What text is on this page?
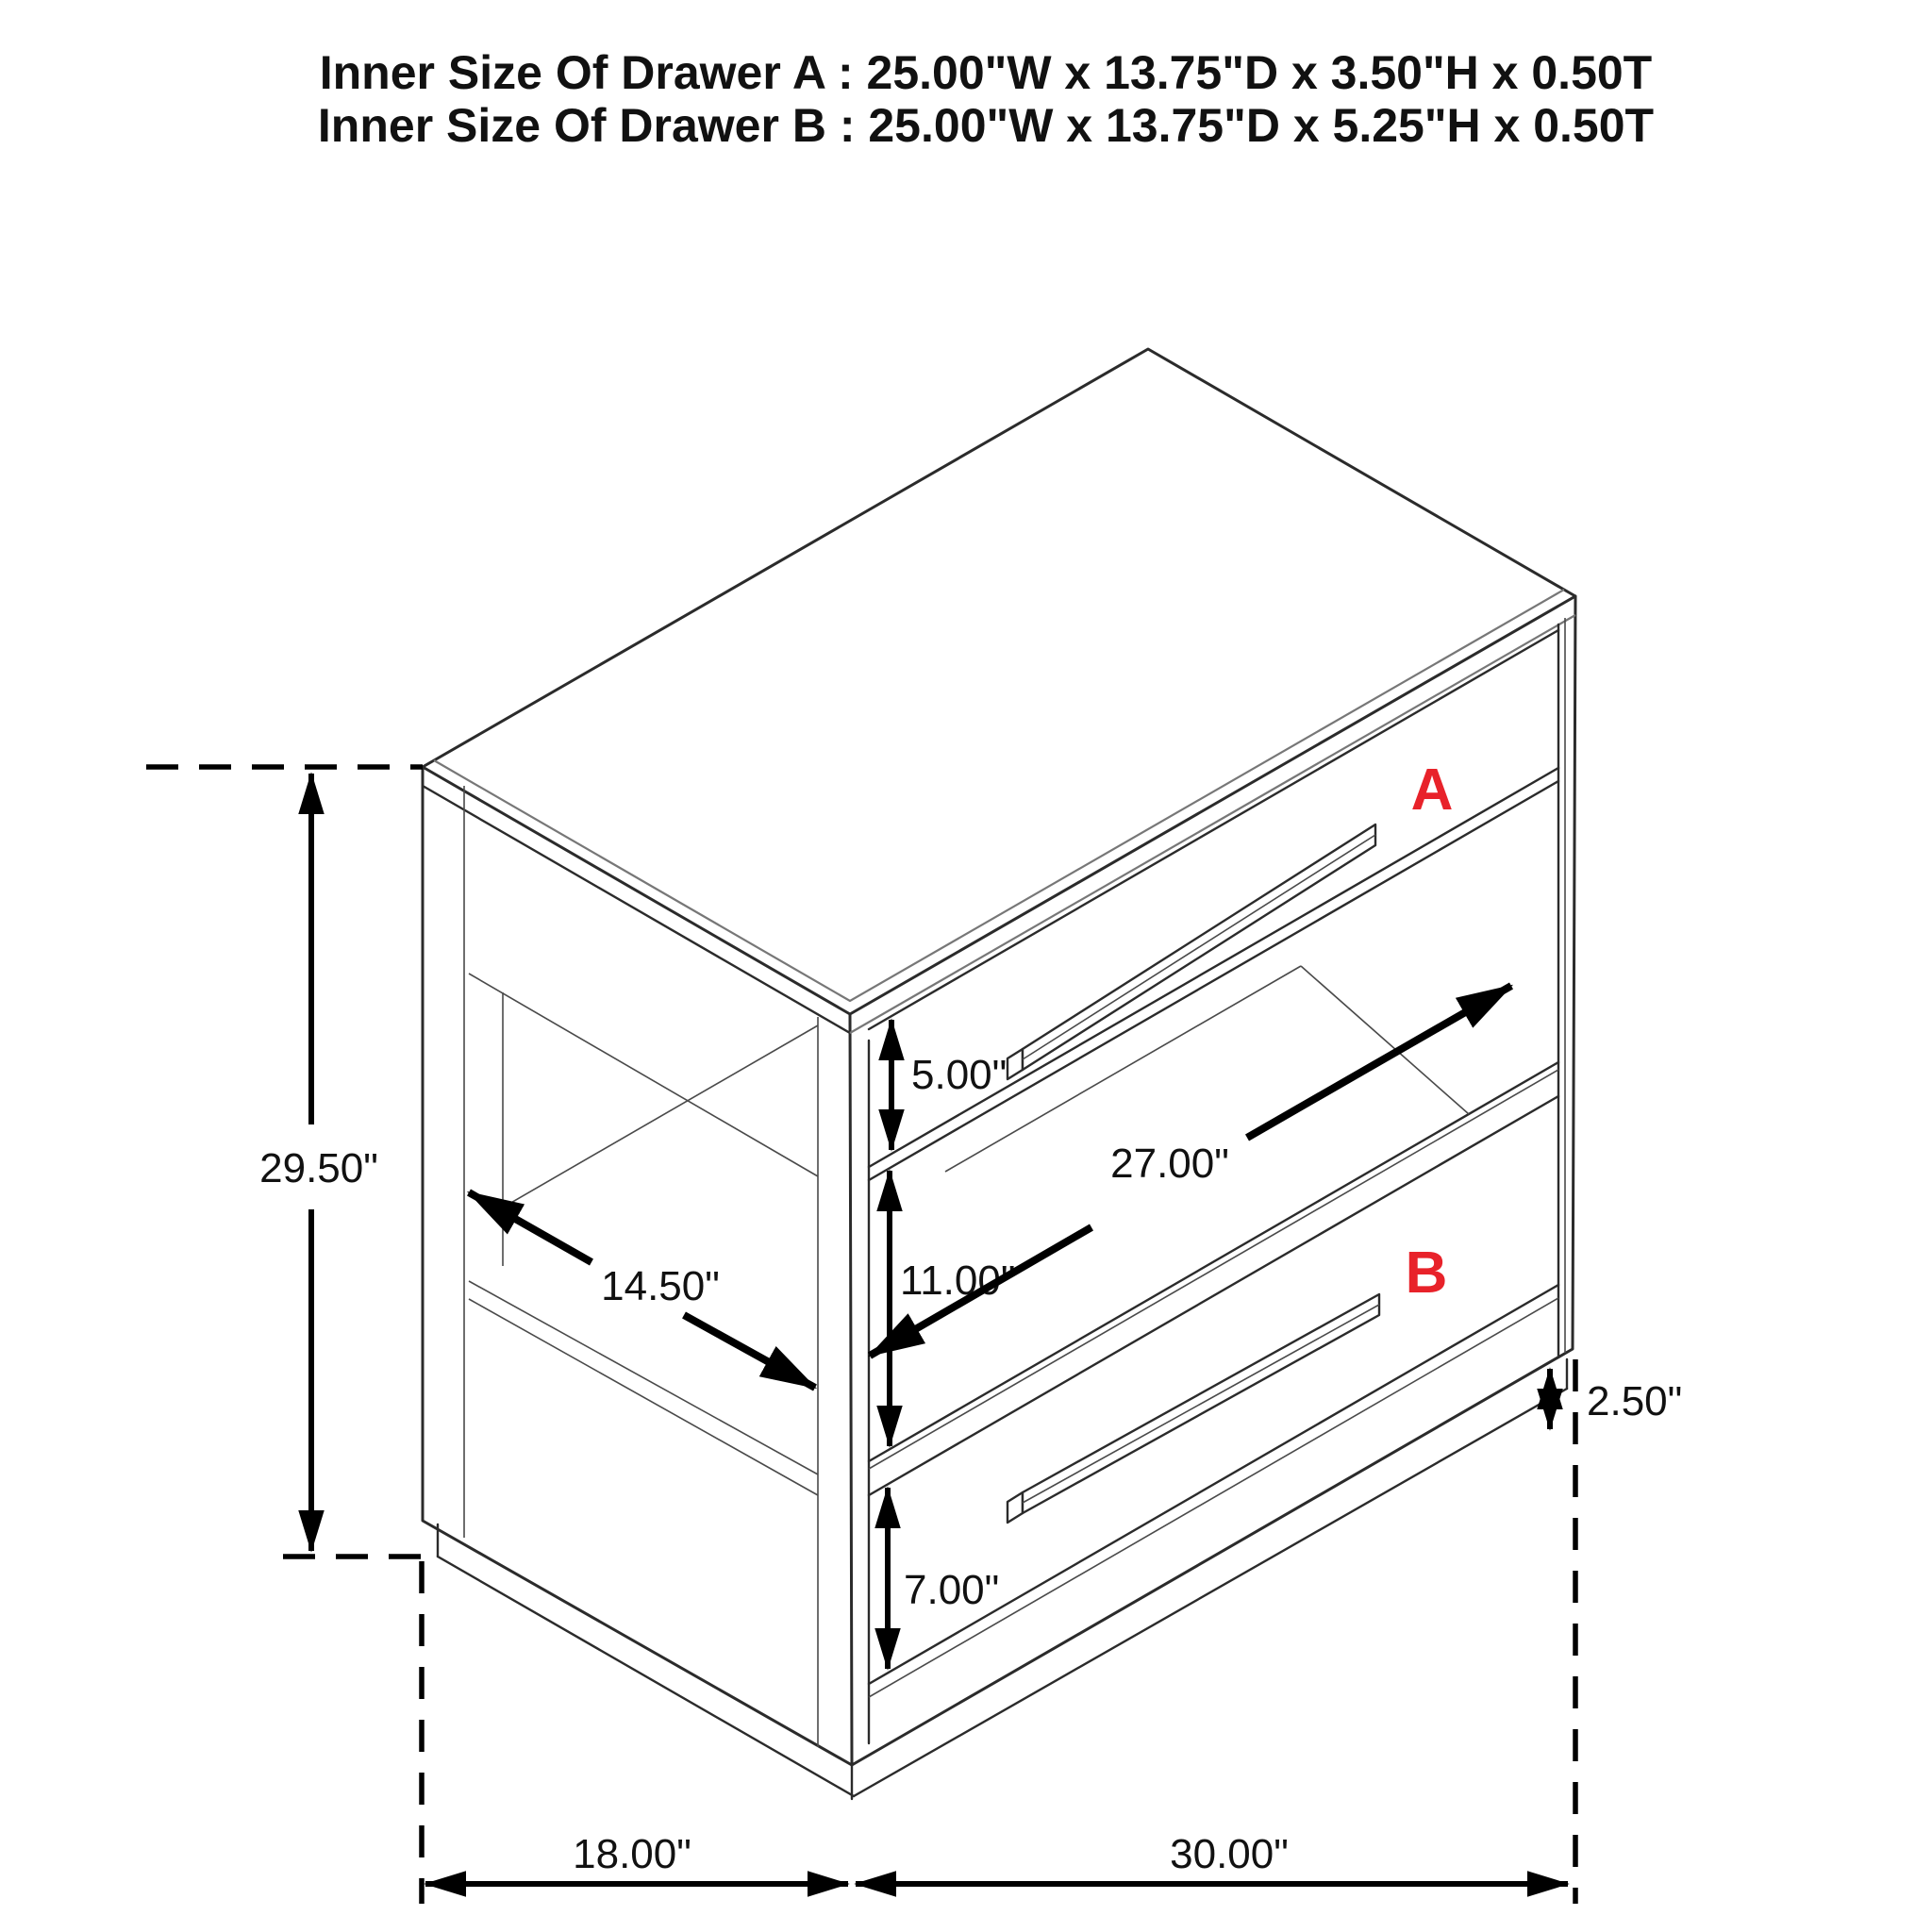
29.50"
14.50"
5.00"
11.00"
27.00"
7.00"
2.50"
18.00"	30.00"
Inner Size Of Drawer A : 25.00"W x 13.75"D x 3.50"H x 0.50T
Inner Size Of Drawer B : 25.00"W x 13.75"D x 5.25"H x 0.50T
A
B
